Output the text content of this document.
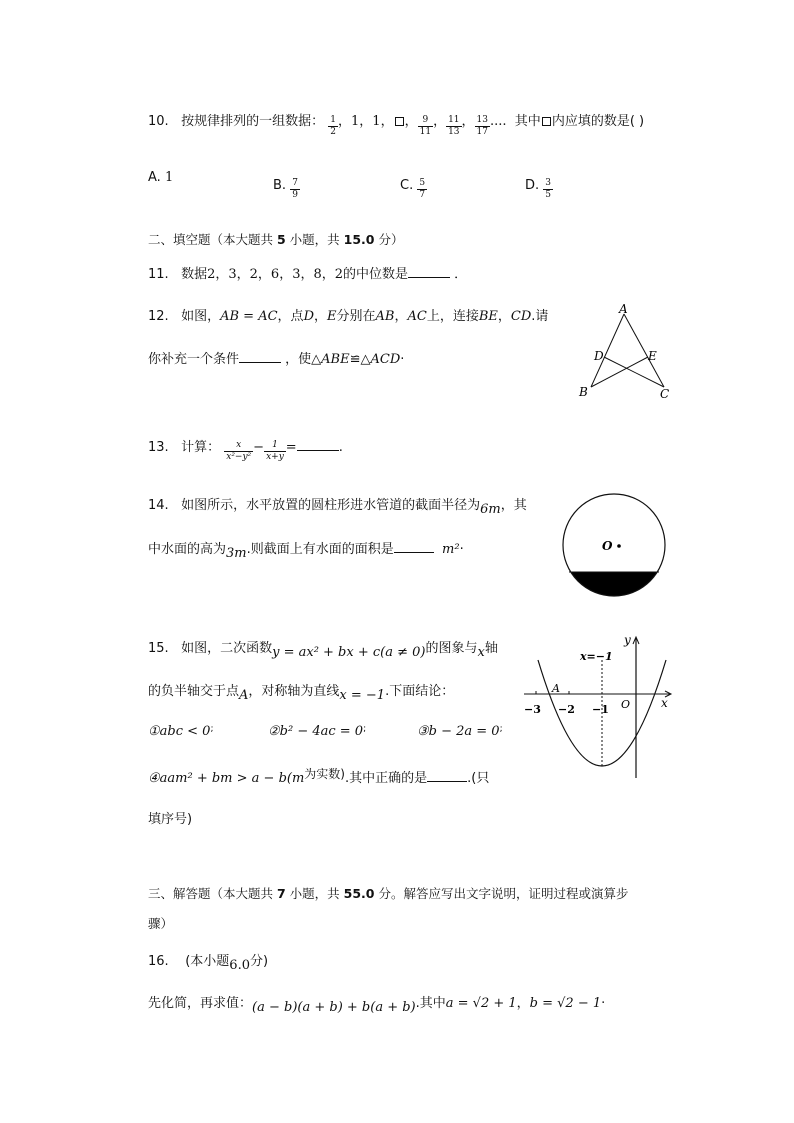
10. 按规律排列的一组数据： $\frac{1}{2}$ ，1，1， ， $\frac{9}{11}$ ， $\frac{11}{13}$ ， $\frac{13}{17}$ .... 其中 内应填的数是( )
A. 1
B. $\frac{7}{9}$	C. $\frac{5}{7}$	D. $\frac{3}{5}$
二、填空题（本大题共 5 小题，共 15.0 分）
11. 数据2，3，2，6，3，8，2的中位数是	．
12. 如图，AB = AC，点D，E分别在AB，AC上，连接BE，CD.请
你补充一个条件	，使△ABE≌△ACD·
A
D	E
B	C
13. 计算： $\frac{x}{\text{x²−y²}} - \frac{1}{x+y}$ =	.
14. 如图所示，水平放置的圆柱形进水管道的截面半径为6m，其
中水面的高为3m.则截面上有水面的面积是	m²·	O
15. 如图，二次函数y = ax² + bx + c(a ≠ 0)的图象与x轴
的负半轴交于点A，对称轴为直线x = −1.下面结论：
①abc < 0;	②b² − 4ac = 0;	③b − 2a = 0;
④aam² + bm > a − b(m为实数).其中正确的是	.(只
填序号)
y
x
x=−1
−3 −2 −1 O
A
三、解答题（本大题共 7 小题，共 55.0 分。解答应写出文字说明，证明过程或演算步
骤）
16. (本小题6.0分)
先化简，再求值：(a − b)(a + b) + b(a + b).其中a = √2 + 1，b = √2 − 1·
